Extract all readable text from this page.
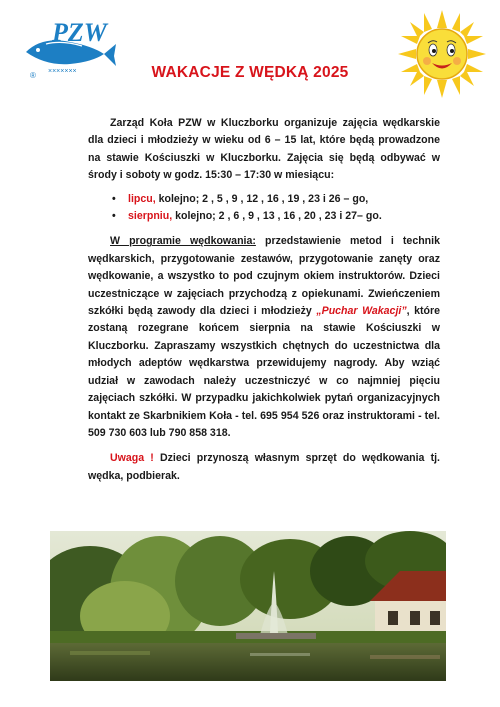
PZW
×××××××
®	WAKACJE Z WĘDKĄ 2025

Zarząd Koła PZW w Kluczborku organizuje zajęcia wędkarskie dla dzieci i młodzieży w wieku od 6 – 15 lat, które będą prowadzone na stawie Kościuszki w Kluczborku. Zajęcia się będą odbywać w środy i soboty w godz. 15:30 – 17:30 w miesiącu:

• lipcu, kolejno; 2 , 5 , 9 , 12 , 16 , 19 , 23 i 26 – go,
• sierpniu, kolejno; 2 , 6 , 9 , 13 , 16 , 20 , 23 i 27– go.

W programie wędkowania: przedstawienie metod i technik wędkarskich, przygotowanie zestawów, przygotowanie zanęty oraz wędkowanie, a wszystko to pod czujnym okiem instruktorów. Dzieci uczestniczące w zajęciach przychodzą z opiekunami. Zwieńczeniem szkółki będą zawody dla dzieci i młodzieży „Puchar Wakacji”, które zostaną rozegrane końcem sierpnia na stawie Kościuszki w Kluczborku. Zapraszamy wszystkich chętnych do uczestnictwa dla młodych adeptów wędkarstwa przewidujemy nagrody. Aby wziąć udział w zawodach należy uczestniczyć w co najmniej pięciu zajęciach szkółki. W przypadku jakichkolwiek pytań organizacyjnych kontakt ze Skarbnikiem Koła - tel. 695 954 526 oraz instruktorami - tel. 509 730 603 lub 790 858 318.

Uwaga ! Dzieci przynoszą własnym sprzęt do wędkowania tj. wędka, podbierak.
